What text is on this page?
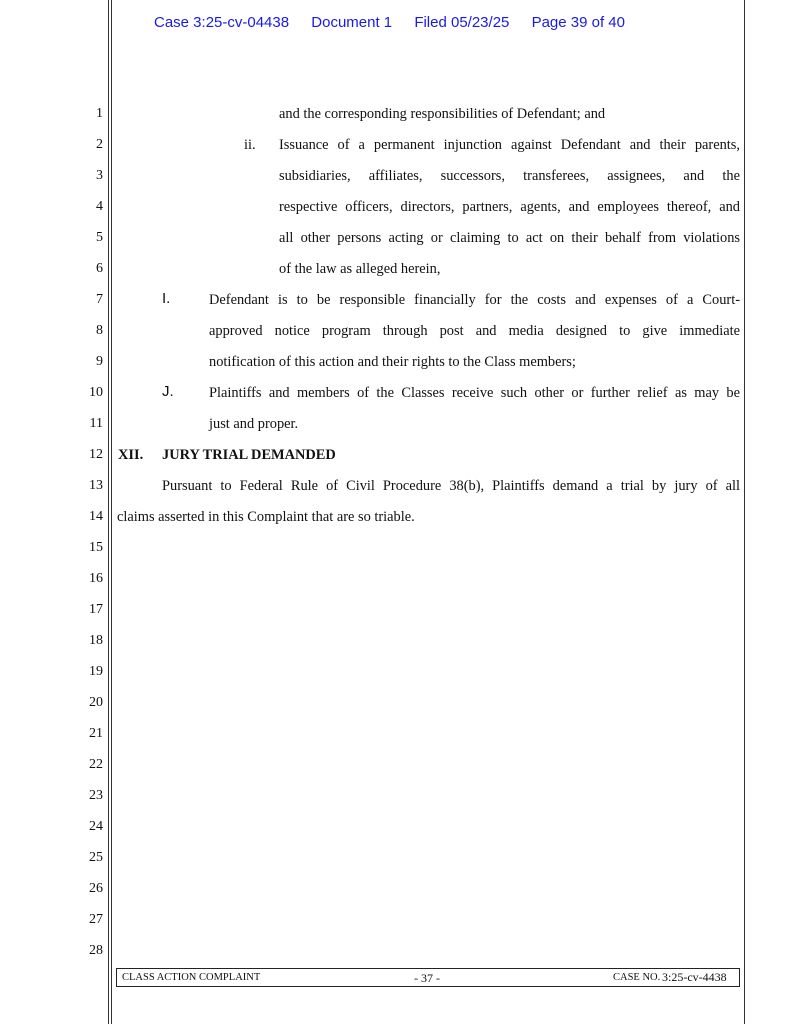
Case 3:25-cv-04438 Document 1 Filed 05/23/25 Page 39 of 40
1
2
3
4
5
6
7
8
9
10
11
12
13
14
15
16
17
18
19
20
21
22
23
24
25
26
27
28
and the corresponding responsibilities of Defendant; and
ii. Issuance of a permanent injunction against Defendant and their parents,
subsidiaries, affiliates, successors, transferees, assignees, and the
respective officers, directors, partners, agents, and employees thereof, and
all other persons acting or claiming to act on their behalf from violations
of the law as alleged herein,
I.	Defendant is to be responsible financially for the costs and expenses of a Court-
approved notice program through post and media designed to give immediate
notification of this action and their rights to the Class members;
J. Plaintiffs and members of the Classes receive such other or further relief as may be
just and proper.
XII. JURY TRIAL DEMANDED
Pursuant to Federal Rule of Civil Procedure 38(b), Plaintiffs demand a trial by jury of all
claims asserted in this Complaint that are so triable.
CLASS ACTION COMPLAINT	- 37 -	CASE NO. 3:25-cv-4438
